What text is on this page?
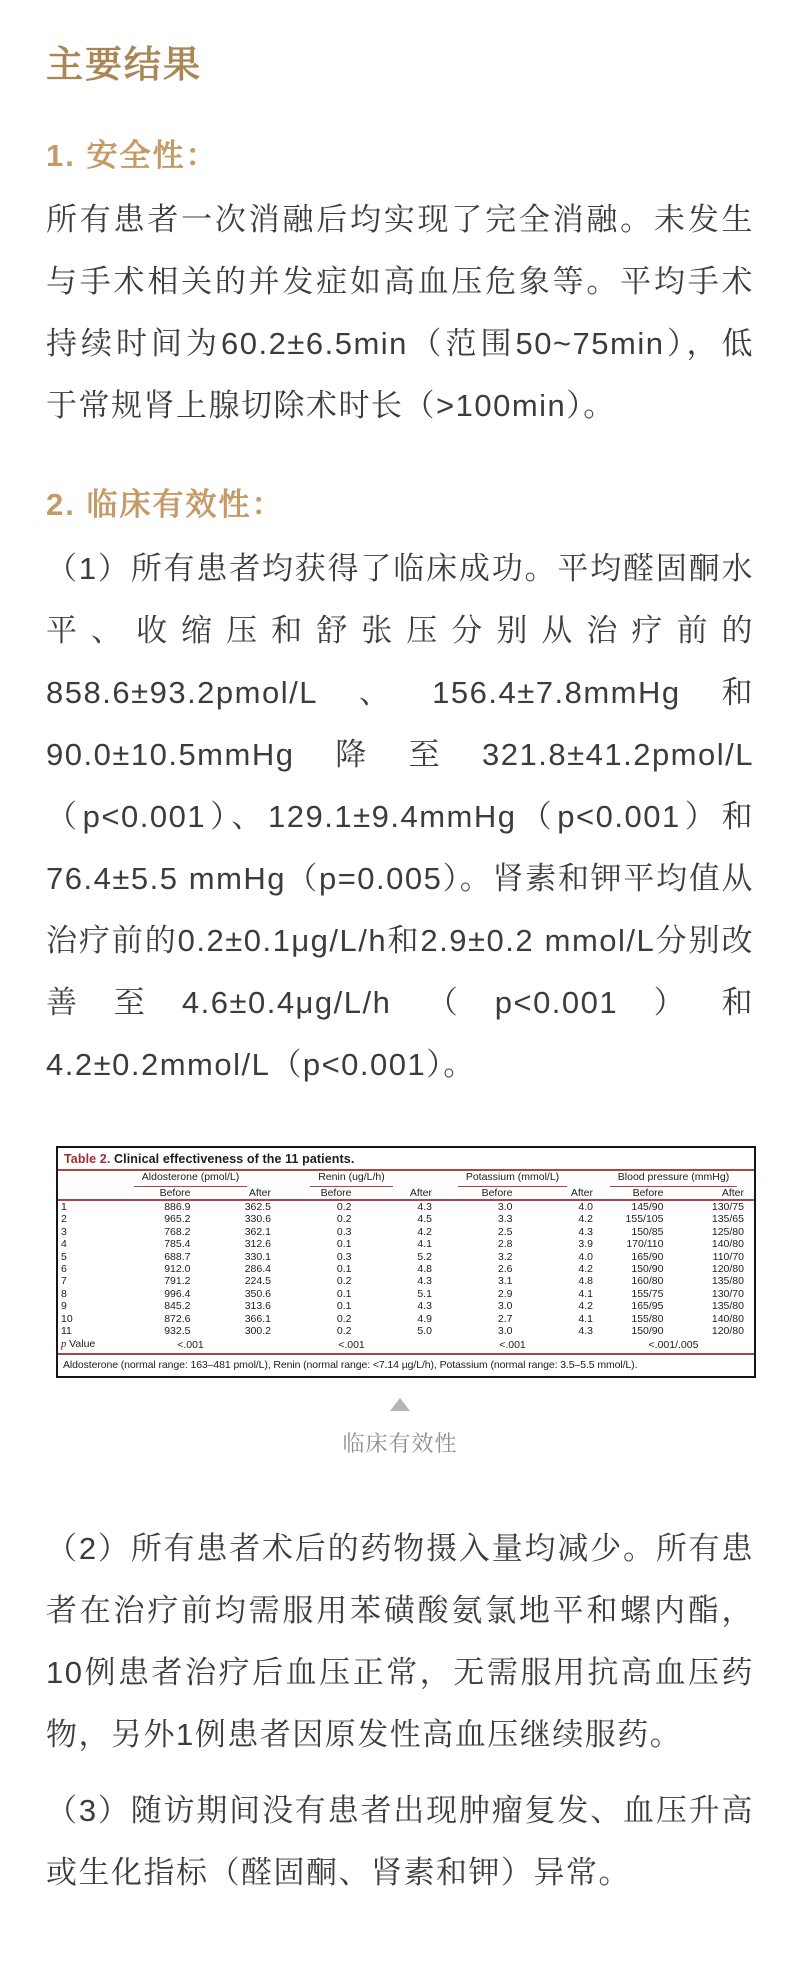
主要结果
1. 安全性：

所有患者一次消融后均实现了完全消融。未发生与手术相关的并发症如高血压危象等。平均手术持续时间为60.2±6.5min（范围50~75min），低于常规肾上腺切除术时长（>100min）。

2. 临床有效性：

（1）所有患者均获得了临床成功。平均醛固酮水平、收缩压和舒张压分别从治疗前的858.6±93.2pmol/L、156.4±7.8mmHg和90.0±10.5mmHg降至321.8±41.2pmol/L（p<0.001）、129.1±9.4mmHg（p<0.001）和76.4±5.5 mmHg（p=0.005）。肾素和钾平均值从治疗前的0.2±0.1μg/L/h和2.9±0.2 mmol/L分别改善至4.6±0.4μg/L/h（p<0.001）和4.2±0.2mmol/L（p<0.001）。

Table 2. Clinical effectiveness of the 11 patients.
	Aldosterone (pmol/L)		Renin (ug/L/h)		Potassium (mmol/L)		Blood pressure (mmHg)	
	Before	After	Before	After	Before	After	Before	After
1	886.9	362.5	0.2	4.3	3.0	4.0	145/90	130/75
2	965.2	330.6	0.2	4.5	3.3	4.2	155/105	135/65
3	768.2	362.1	0.3	4.2	2.5	4.3	150/85	125/80
4	785.4	312.6	0.1	4.1	2.8	3.9	170/110	140/80
5	688.7	330.1	0.3	5.2	3.2	4.0	165/90	110/70
6	912.0	286.4	0.1	4.8	2.6	4.2	150/90	120/80
7	791.2	224.5	0.2	4.3	3.1	4.8	160/80	135/80
8	996.4	350.6	0.1	5.1	2.9	4.1	155/75	130/70
9	845.2	313.6	0.1	4.3	3.0	4.2	165/95	135/80
10	872.6	366.1	0.2	4.9	2.7	4.1	155/80	140/80
11	932.5	300.2	0.2	5.0	3.0	4.3	150/90	120/80
p Value	<.001		<.001		<.001		<.001/.005	
Aldosterone (normal range: 163–481 pmol/L), Renin (normal range: <7.14 µg/L/h), Potassium (normal range: 3.5–5.5 mmol/L).
临床有效性

（2）所有患者术后的药物摄入量均减少。所有患者在治疗前均需服用苯磺酸氨氯地平和螺内酯，10例患者治疗后血压正常，无需服用抗高血压药物，另外1例患者因原发性高血压继续服药。

（3）随访期间没有患者出现肿瘤复发、血压升高或生化指标（醛固酮、肾素和钾）异常。
